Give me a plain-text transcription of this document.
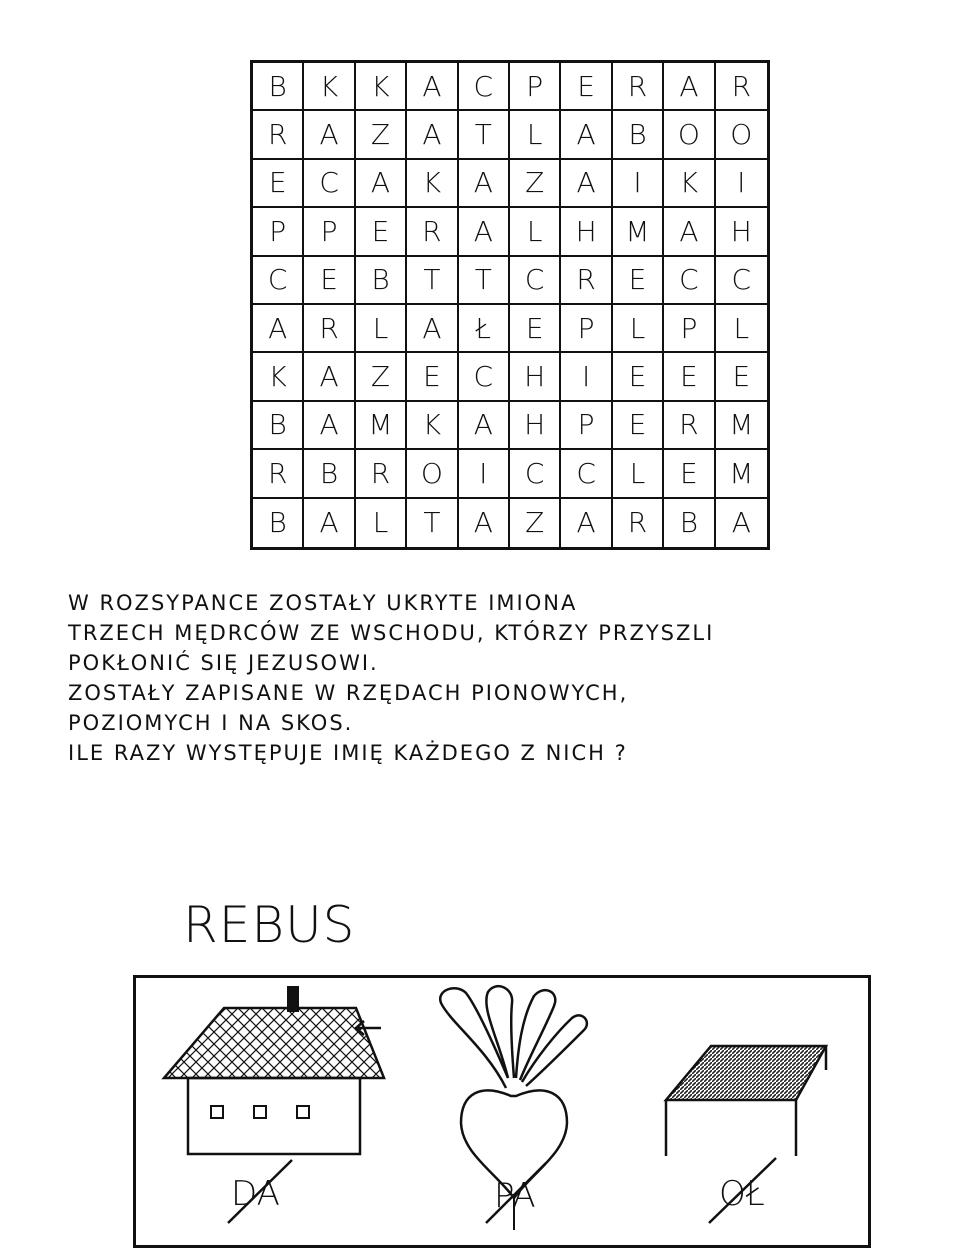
B	K	K	A	C	P	E	R	A	R
R	A	Z	A	T	L	A	B	O	O
E	C	A	K	A	Z	A	I	K	I
P	P	E	R	A	L	H	M	A	H
C	E	B	T	T	C	R	E	C	C
A	R	L	A	Ł	E	P	L	P	L
K	A	Z	E	C	H	I	E	E	E
B	A	M	K	A	H	P	E	R	M
R	B	R	O	I	C	C	L	E	M
B	A	L	T	A	Z	A	R	B	A
W ROZSYPANCE ZOSTAŁY UKRYTE IMIONA
TRZECH MĘDRCÓW ZE WSCHODU, KTÓRZY PRZYSZLI
POKŁONIĆ SIĘ JEZUSOWI.
ZOSTAŁY ZAPISANE W RZĘDACH PIONOWYCH,
POZIOMYCH I NA SKOS.
ILE RAZY WYSTĘPUJE IMIĘ KAŻDEGO Z NICH ?
REBUS
DA	PA	OŁ
